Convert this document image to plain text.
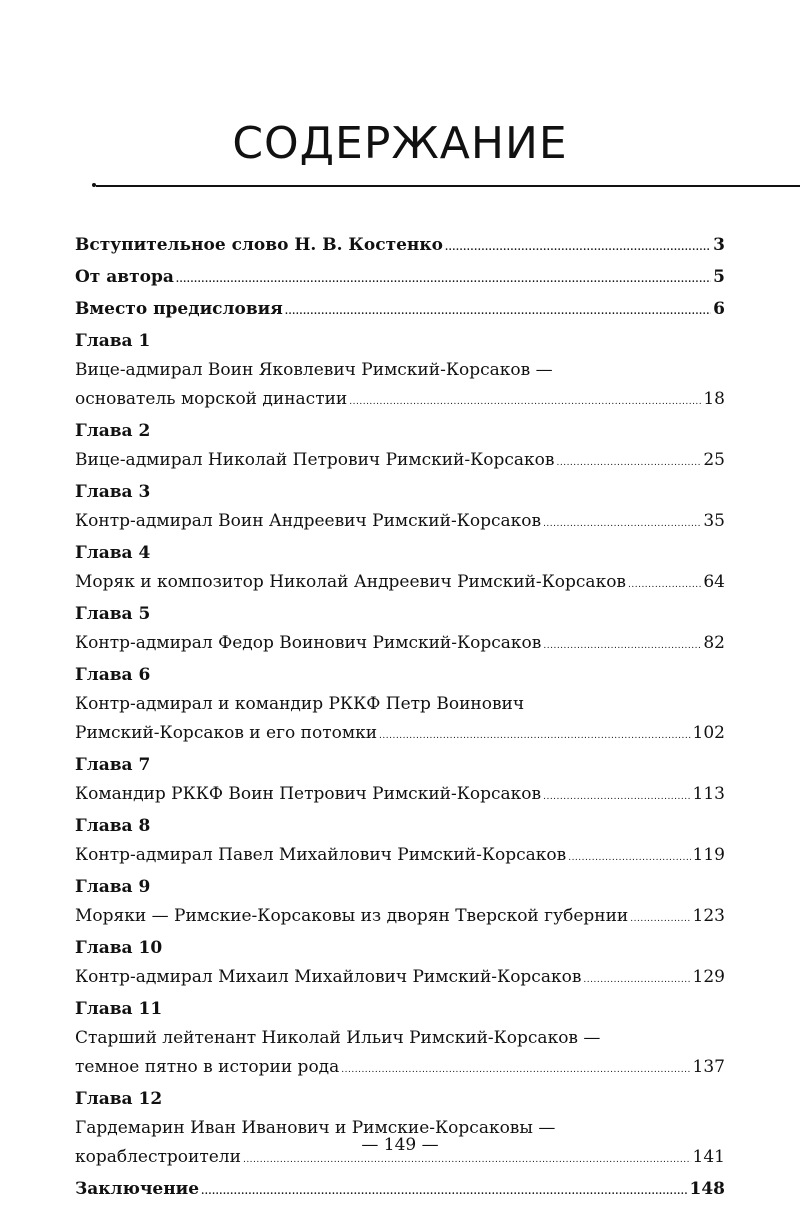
СОДЕРЖАНИЕ
Вступительное слово Н. В. Костенко .....	3
От автора .....	5
Вместо предисловия .....	6
Глава 1
Вице-адмирал Воин Яковлевич Римский-Корсаков —
основатель морской династии .....	18
Глава 2
Вице-адмирал Николай Петрович Римский-Корсаков .....	25
Глава 3
Контр-адмирал Воин Андреевич Римский-Корсаков .....	35
Глава 4
Моряк и композитор Николай Андреевич Римский-Корсаков .....	64
Глава 5
Контр-адмирал Федор Воинович Римский-Корсаков .....	82
Глава 6
Контр-адмирал и командир РККФ Петр Воинович
Римский-Корсаков и его потомки .....	102
Глава 7
Командир РККФ Воин Петрович Римский-Корсаков .....	113
Глава 8
Контр-адмирал Павел Михайлович Римский-Корсаков .....	119
Глава 9
Моряки — Римские-Корсаковы из дворян Тверской губернии .....	123
Глава 10
Контр-адмирал Михаил Михайлович Римский-Корсаков .....	129
Глава 11
Старший лейтенант Николай Ильич Римский-Корсаков —
темное пятно в истории рода .....	137
Глава 12
Гардемарин Иван Иванович и Римские-Корсаковы —
кораблестроители .....	141
Заключение .....	148
— 149 —
